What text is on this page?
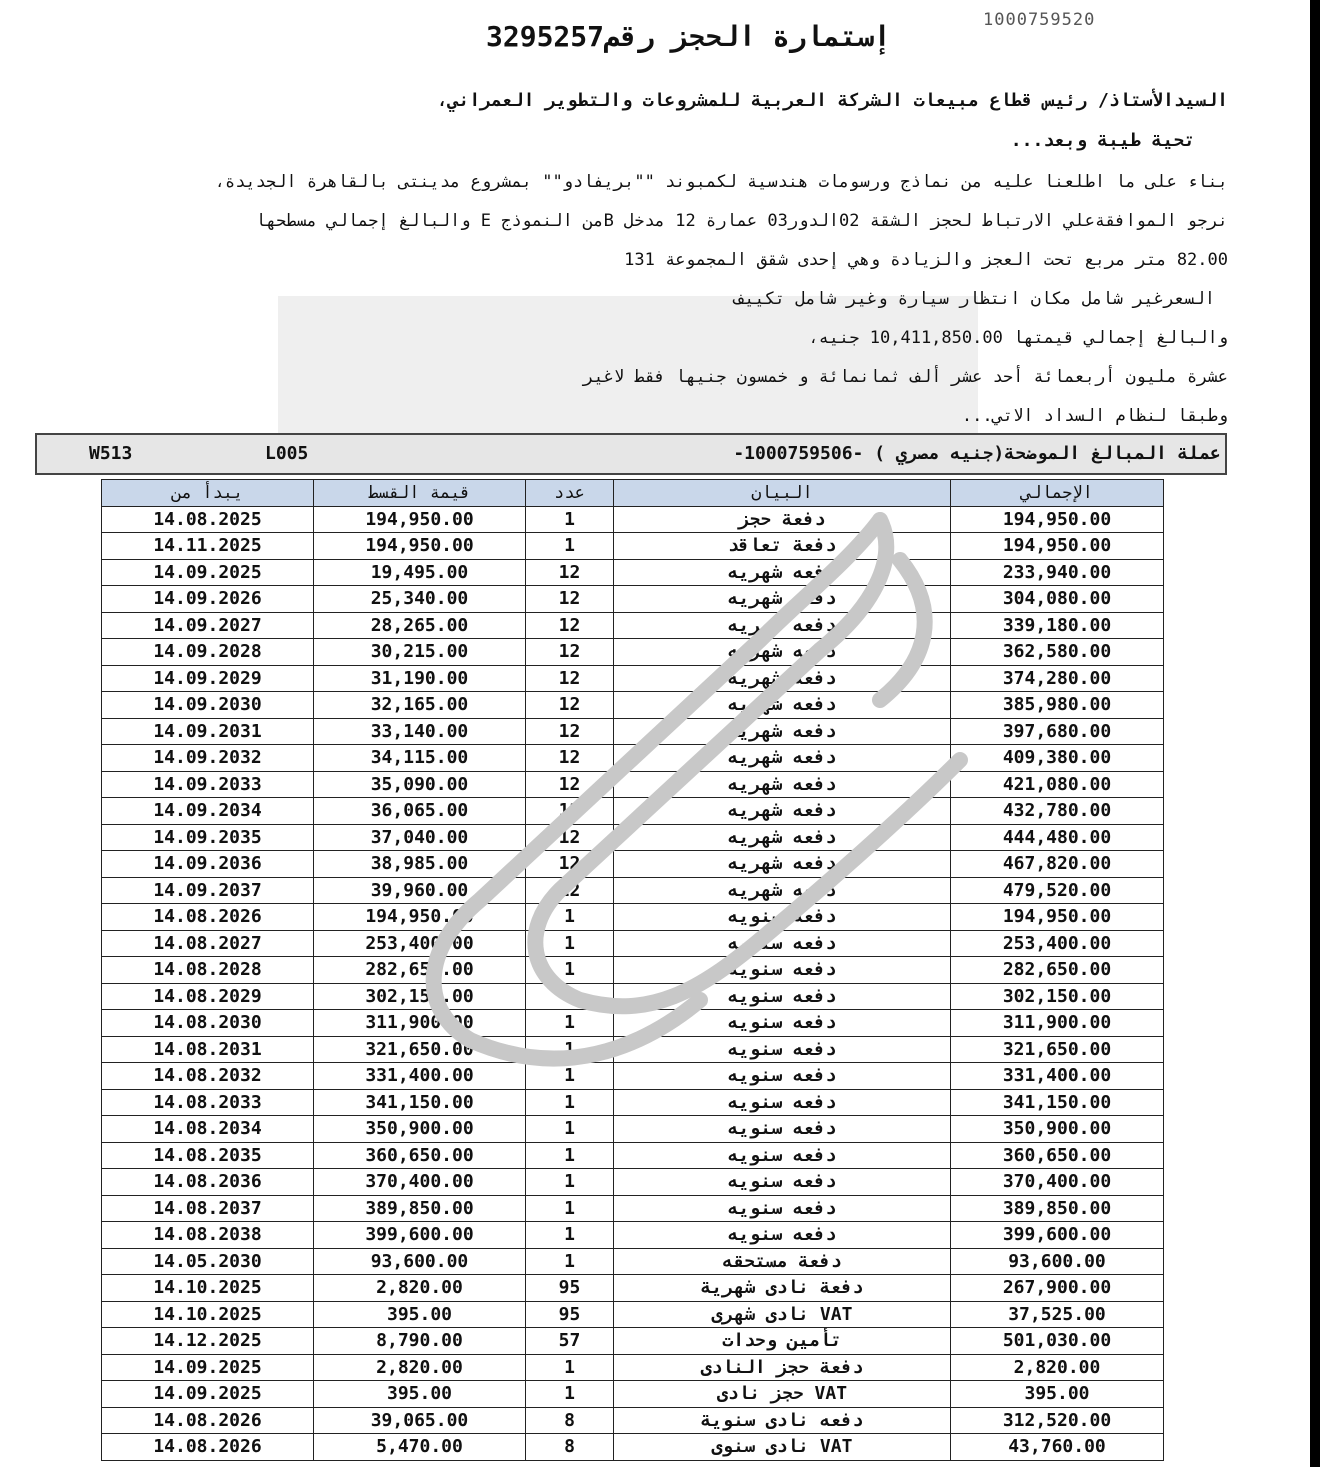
1000759520
إستمارة الحجز رقم3295257
السيدالأستاذ/ رئيس قطاع مبيعات الشركة العربية للمشروعات والتطوير العمراني،
تحية طيبة وبعد...
بناء على ما اطلعنا عليه من نماذج ورسومات هندسية لكمبوند ""بريفادو"" بمشروع مدينتى بالقاهرة الجديدة،
نرجو الموافقةعلي الارتباط لحجز الشقة 02الدور03 عمارة 12 مدخل Bمن النموذج E والبالغ إجمالي مسطحها
82.00 متر مربع تحت العجز والزيادة وهي إحدى شقق المجموعة 131
السعرغير شامل مكان انتظار سيارة وغير شامل تكييف
والبالغ إجمالي قيمتها 10,411,850.00 جنيه،
عشرة مليون أربعمائة أحد عشر ألف ثمانمائة و خمسون جنيها فقط لاغير
وطبقا لنظام السداد الاتي...
عملة المبالغ الموضحة(جنيه مصري ) -1000759506-
L005
W513
يبدأ من	قيمة القسط	عدد	البيان	الإجمالي
14.08.2025	194,950.00	1	دفعة حجز	194,950.00
14.11.2025	194,950.00	1	دفعة تعاقد	194,950.00
14.09.2025	19,495.00	12	دفعه شهريه	233,940.00
14.09.2026	25,340.00	12	دفعه شهريه	304,080.00
14.09.2027	28,265.00	12	دفعه شهريه	339,180.00
14.09.2028	30,215.00	12	دفعه شهريه	362,580.00
14.09.2029	31,190.00	12	دفعه شهريه	374,280.00
14.09.2030	32,165.00	12	دفعه شهريه	385,980.00
14.09.2031	33,140.00	12	دفعه شهريه	397,680.00
14.09.2032	34,115.00	12	دفعه شهريه	409,380.00
14.09.2033	35,090.00	12	دفعه شهريه	421,080.00
14.09.2034	36,065.00	12	دفعه شهريه	432,780.00
14.09.2035	37,040.00	12	دفعه شهريه	444,480.00
14.09.2036	38,985.00	12	دفعه شهريه	467,820.00
14.09.2037	39,960.00	12	دفعه شهريه	479,520.00
14.08.2026	194,950.00	1	دفعه سنويه	194,950.00
14.08.2027	253,400.00	1	دفعه سنويه	253,400.00
14.08.2028	282,650.00	1	دفعه سنويه	282,650.00
14.08.2029	302,150.00	1	دفعه سنويه	302,150.00
14.08.2030	311,900.00	1	دفعه سنويه	311,900.00
14.08.2031	321,650.00	1	دفعه سنويه	321,650.00
14.08.2032	331,400.00	1	دفعه سنويه	331,400.00
14.08.2033	341,150.00	1	دفعه سنويه	341,150.00
14.08.2034	350,900.00	1	دفعه سنويه	350,900.00
14.08.2035	360,650.00	1	دفعه سنويه	360,650.00
14.08.2036	370,400.00	1	دفعه سنويه	370,400.00
14.08.2037	389,850.00	1	دفعه سنويه	389,850.00
14.08.2038	399,600.00	1	دفعه سنويه	399,600.00
14.05.2030	93,600.00	1	دفعة مستحقه	93,600.00
14.10.2025	2,820.00	95	دفعة نادى شهرية	267,900.00
14.10.2025	395.00	95	VAT نادى شهرى	37,525.00
14.12.2025	8,790.00	57	تأمين وحدات	501,030.00
14.09.2025	2,820.00	1	دفعة حجز النادى	2,820.00
14.09.2025	395.00	1	VAT حجز نادى	395.00
14.08.2026	39,065.00	8	دفعه نادى سنوية	312,520.00
14.08.2026	5,470.00	8	VAT نادى سنوى	43,760.00
